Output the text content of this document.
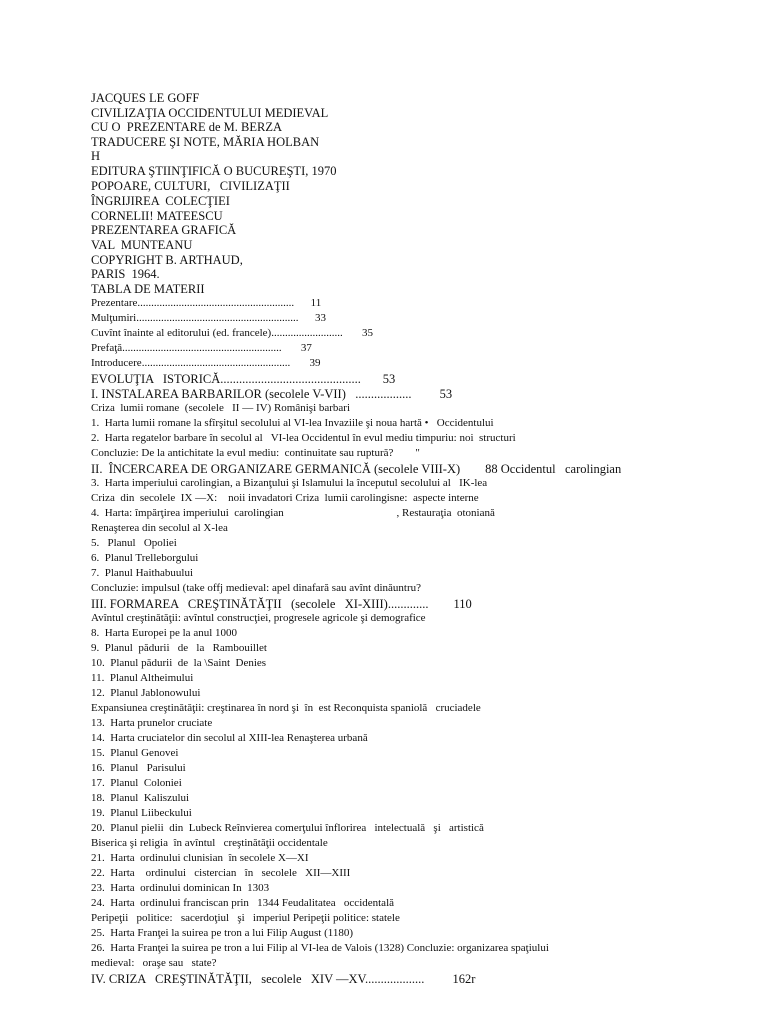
JACQUES LE GOFF
CIVILIZAŢIA OCCIDENTULUI MEDIEVAL
CU O  PREZENTARE de M. BERZA
TRADUCERE ŞI NOTE, MĂRIA HOLBAN
H
EDITURA ŞTIINŢIFICĂ O BUCUREŞTI, 1970
POPOARE, CULTURI,   CIVILIZAŢII
ÎNGRIJIREA  COLECŢIEI
CORNELII! MATEESCU
PREZENTAREA GRAFICĂ
VAL  MUNTEANU
COPYRIGHT B. ARTHAUD,
PARIS  1964.
TABLA DE MATERII
Prezentare.........................................................      11
Mulţumiri...........................................................      33
Cuvînt înainte al editorului (ed. francele)..........................       35
Prefaţă..........................................................       37
Introducere......................................................       39
EVOLUŢIA   ISTORICĂ.............................................       53
I. INSTALAREA BARBARILOR (secolele V-VII)   ..................         53
Criza  lumii romane  (secolele   II — IV) Românişi barbari
1.  Harta lumii romane la sfîrşitul secolului al VI-lea Invaziile şi noua hartă •   Occidentului
2.  Harta regatelor barbare în secolul al   VI-lea Occidentul în evul mediu timpuriu: noi  structuri
Concluzie: De la antichitate la evul mediu:  continuitate sau ruptură?        "
II.  ÎNCERCAREA DE ORGANIZARE GERMANICĂ (secolele VIII-X)        88 Occidentul   carolingian
3.  Harta imperiului carolingian, a Bizanţului şi Islamului la începutul secolului al   IK-lea
Criza  din  secolele  IX —X:    noii invadatori Criza  lumii carolingisne:  aspecte interne
4.  Harta: împărţirea imperiului  carolingian                                         , Restauraţia  otoniană
Renaşterea din secolul al X-lea
5.   Planul   Opoliei
6.  Planul Trelleborgului
7.  Planul Haithabuului
Concluzie: impulsul (take offj medieval: apel dinafară sau avînt dinăuntru?
III. FORMAREA   CREŞTINĂTĂŢII   (secolele   XI-XIII).............        110
Avîntul creştinătăţii: avîntul construcţiei, progresele agricole şi demografice
8.  Harta Europei pe la anul 1000
9.  Planul  pădurii   de   la   Rambouillet
10.  Planul pădurii  de  la \Saint  Denies
11.  Planul Altheimului
12.  Planul Jablonowului
Expansiunea creştinătăţii: creştinarea în nord şi  în  est Reconquista spaniolă   cruciadele
13.  Harta prunelor cruciate
14.  Harta cruciatelor din secolul al XIII-lea Renaşterea urbană
15.  Planul Genovei
16.  Planul   Parisului
17.  Planul  Coloniei
18.  Planul  Kaliszului
19.  Planul Liibeckului
20.  Planul pielii  din  Lubeck Reînvierea comerţului înflorirea   intelectuală   şi   artistică
Biserica şi religia  în avîntul   creştinătăţii occidentale
21.  Harta  ordinului clunisian  în secolele X—XI
22.  Harta    ordinului   cistercian   în   secolele   XII—XIII
23.  Harta  ordinului dominican In  1303
24.  Harta  ordinului franciscan prin   1344 Feudalitatea   occidentală
Peripeţii   politice:   sacerdoţiul   şi   imperiul Peripeţii politice: statele
25.  Harta Franţei la suirea pe tron a lui Filip August (1180)
26.  Harta Franţei la suirea pe tron a lui Filip al VI-lea de Valois (1328) Concluzie: organizarea spaţiului
medieval:   oraşe sau   state?
IV. CRIZA   CREŞTINĂTĂŢII,   secolele   XIV —XV...................         162r
